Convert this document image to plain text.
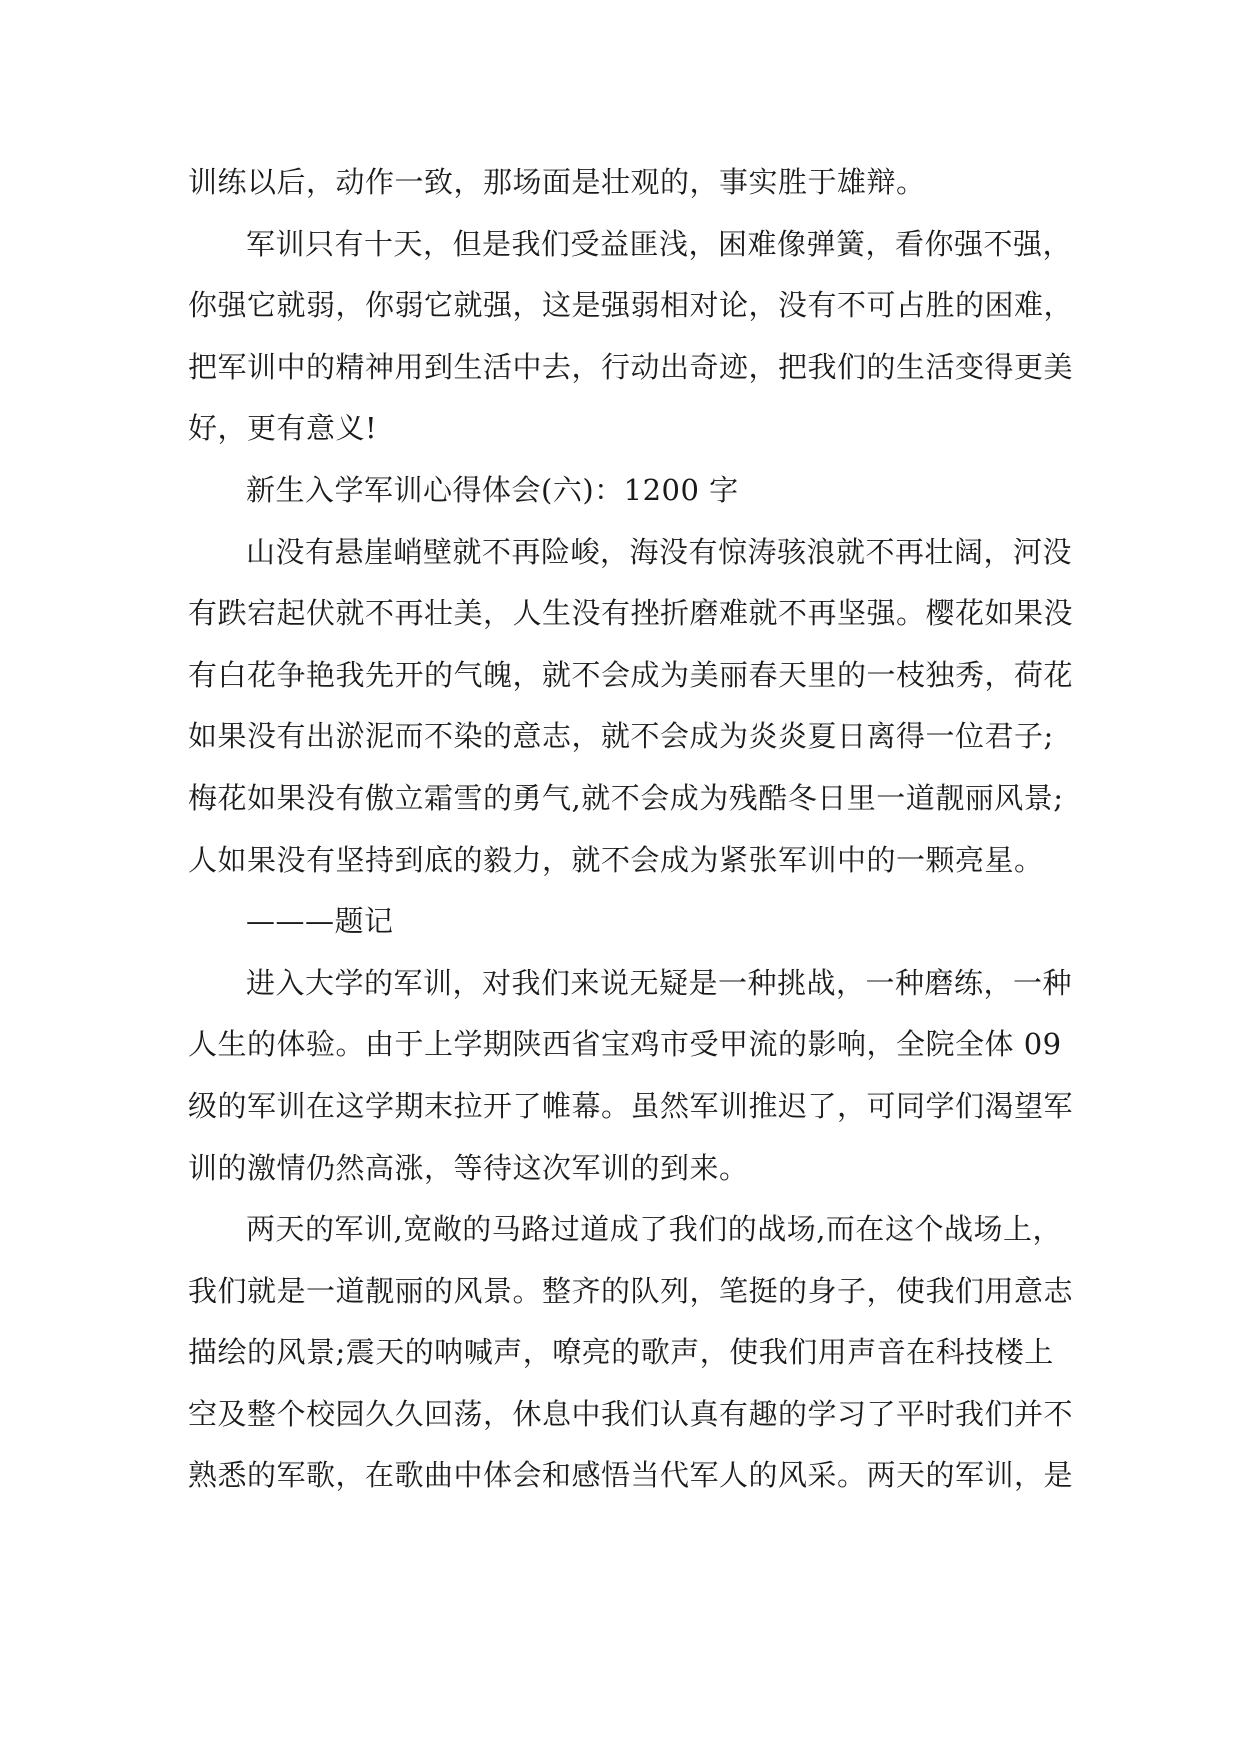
训练以后，动作一致，那场面是壮观的，事实胜于雄辩。
军训只有十天，但是我们受益匪浅，困难像弹簧，看你强不强，
你强它就弱，你弱它就强，这是强弱相对论，没有不可占胜的困难，
把军训中的精神用到生活中去，行动出奇迹，把我们的生活变得更美
好，更有意义!
新生入学军训心得体会(六)：1200 字
山没有悬崖峭壁就不再险峻，海没有惊涛骇浪就不再壮阔，河没
有跌宕起伏就不再壮美，人生没有挫折磨难就不再坚强。樱花如果没
有白花争艳我先开的气魄，就不会成为美丽春天里的一枝独秀，荷花
如果没有出淤泥而不染的意志，就不会成为炎炎夏日离得一位君子;
梅花如果没有傲立霜雪的勇气,就不会成为残酷冬日里一道靓丽风景;
人如果没有坚持到底的毅力，就不会成为紧张军训中的一颗亮星。
———题记
进入大学的军训，对我们来说无疑是一种挑战，一种磨练，一种
人生的体验。由于上学期陕西省宝鸡市受甲流的影响，全院全体 09
级的军训在这学期末拉开了帷幕。虽然军训推迟了，可同学们渴望军
训的激情仍然高涨，等待这次军训的到来。
两天的军训,宽敞的马路过道成了我们的战场,而在这个战场上，
我们就是一道靓丽的风景。整齐的队列，笔挺的身子，使我们用意志
描绘的风景;震天的呐喊声，嘹亮的歌声，使我们用声音在科技楼上
空及整个校园久久回荡，休息中我们认真有趣的学习了平时我们并不
熟悉的军歌，在歌曲中体会和感悟当代军人的风采。两天的军训，是
